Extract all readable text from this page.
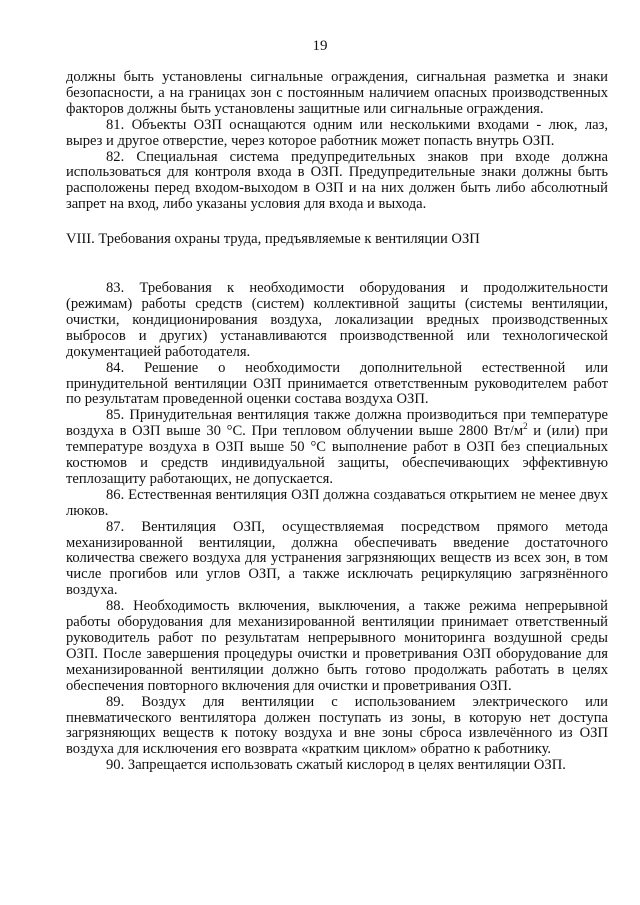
19

должны быть установлены сигнальные ограждения, сигнальная разметка и знаки безопасности, а на границах зон с постоянным наличием опасных производственных факторов должны быть установлены защитные или сигнальные ограждения.

81. Объекты ОЗП оснащаются одним или несколькими входами - люк, лаз, вырез и другое отверстие, через которое работник может попасть внутрь ОЗП.

82. Специальная система предупредительных знаков при входе должна использоваться для контроля входа в ОЗП. Предупредительные знаки должны быть расположены перед входом-выходом в ОЗП и на них должен быть либо абсолютный запрет на вход, либо указаны условия для входа и выхода.

VIII. Требования охраны труда, предъявляемые к вентиляции ОЗП

83. Требования к необходимости оборудования и продолжительности (режимам) работы средств (систем) коллективной защиты (системы вентиляции, очистки, кондиционирования воздуха, локализации вредных производственных выбросов и других) устанавливаются производственной или технологической документацией работодателя.

84. Решение о необходимости дополнительной естественной или принудительной вентиляции ОЗП принимается ответственным руководителем работ по результатам проведенной оценки состава воздуха ОЗП.

85. Принудительная вентиляция также должна производиться при температуре воздуха в ОЗП выше 30 °C. При тепловом облучении выше 2800 $Вт/м^2$ и (или) при температуре воздуха в ОЗП выше 50 °C выполнение работ в ОЗП без специальных костюмов и средств индивидуальной защиты, обеспечивающих эффективную теплозащиту работающих, не допускается.

86. Естественная вентиляция ОЗП должна создаваться открытием не менее двух люков.

87. Вентиляция ОЗП, осуществляемая посредством прямого метода механизированной вентиляции, должна обеспечивать введение достаточного количества свежего воздуха для устранения загрязняющих веществ из всех зон, в том числе прогибов или углов ОЗП, а также исключать рециркуляцию загрязнённого воздуха.

88. Необходимость включения, выключения, а также режима непрерывной работы оборудования для механизированной вентиляции принимает ответственный руководитель работ по результатам непрерывного мониторинга воздушной среды ОЗП. После завершения процедуры очистки и проветривания ОЗП оборудование для механизированной вентиляции должно быть готово продолжать работать в целях обеспечения повторного включения для очистки и проветривания ОЗП.

89. Воздух для вентиляции с использованием электрического или пневматического вентилятора должен поступать из зоны, в которую нет доступа загрязняющих веществ к потоку воздуха и вне зоны сброса извлечённого из ОЗП воздуха для исключения его возврата «кратким циклом» обратно к работнику.

90. Запрещается использовать сжатый кислород в целях вентиляции ОЗП.
